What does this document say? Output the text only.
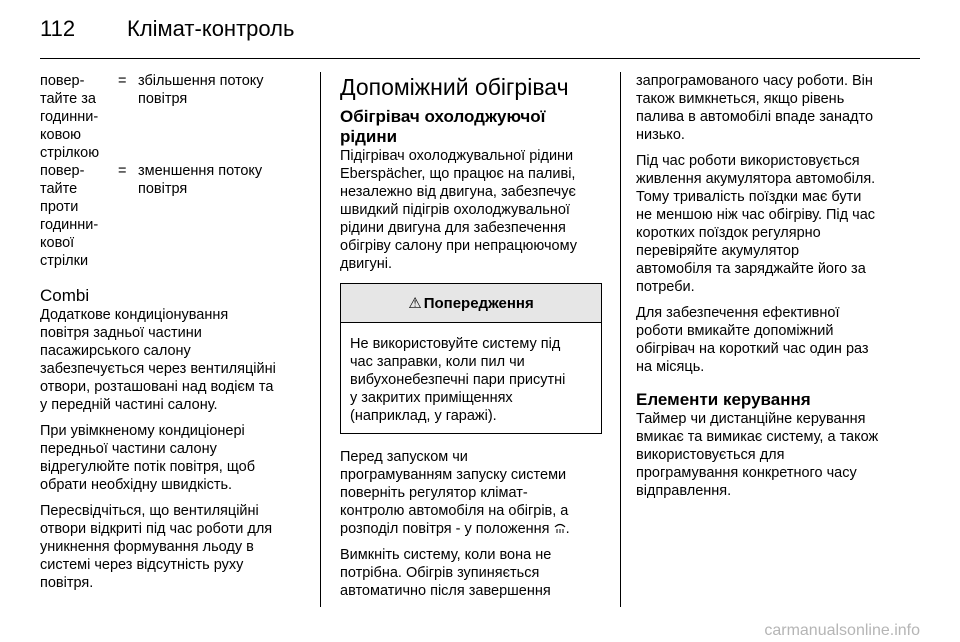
112 Клімат-контроль
повер-
тайте за
годинни-
ковою
стрілкою
= збільшення потоку
повітря
повер-
тайте
проти
годинни-
кової
стрілки
= зменшення потоку
повітря
Combi

Додаткове кондиціонування
повітря задньої частини
пасажирського салону
забезпечується через вентиляційні
отвори, розташовані над водієм та
у передній частині салону.

При увімкненому кондиціонері
передньої частини салону
відрегулюйте потік повітря, щоб
обрати необхідну швидкість.

Пересвідчіться, що вентиляційні
отвори відкриті під час роботи для
уникнення формування льоду в
системі через відсутність руху
повітря.

Допоміжний обігрівач
Обігрівач охолоджуючої
рідини

Підігрівач охолоджувальної рідини
Eberspächer, що працює на паливі,
незалежно від двигуна, забезпечує
швидкий підігрів охолоджувальної
рідини двигуна для забезпечення
обігріву салону при непрацюючому
двигуні.

⚠ Попередження

Не використовуйте систему під
час заправки, коли пил чи
вибухонебезпечні пари присутні
у закритих приміщеннях
(наприклад, у гаражі).

Перед запуском чи
програмуванням запуску системи
поверніть регулятор клімат-
контролю автомобіля на обігрів, а
розподіл повітря - у положення .

Вимкніть систему, коли вона не
потрібна. Обігрів зупиняється
автоматично після завершення

запрограмованого часу роботи. Він
також вимкнеться, якщо рівень
палива в автомобілі впаде занадто
низько.

Під час роботи використовується
живлення акумулятора автомобіля.
Тому тривалість поїздки має бути
не меншою ніж час обігріву. Під час
коротких поїздок регулярно
перевіряйте акумулятор
автомобіля та заряджайте його за
потреби.

Для забезпечення ефективної
роботи вмикайте допоміжний
обігрівач на короткий час один раз
на місяць.

Елементи керування

Таймер чи дистанційне керування
вмикає та вимикає систему, а також
використовується для
програмування конкретного часу
відправлення.

carmanualsonline.info
